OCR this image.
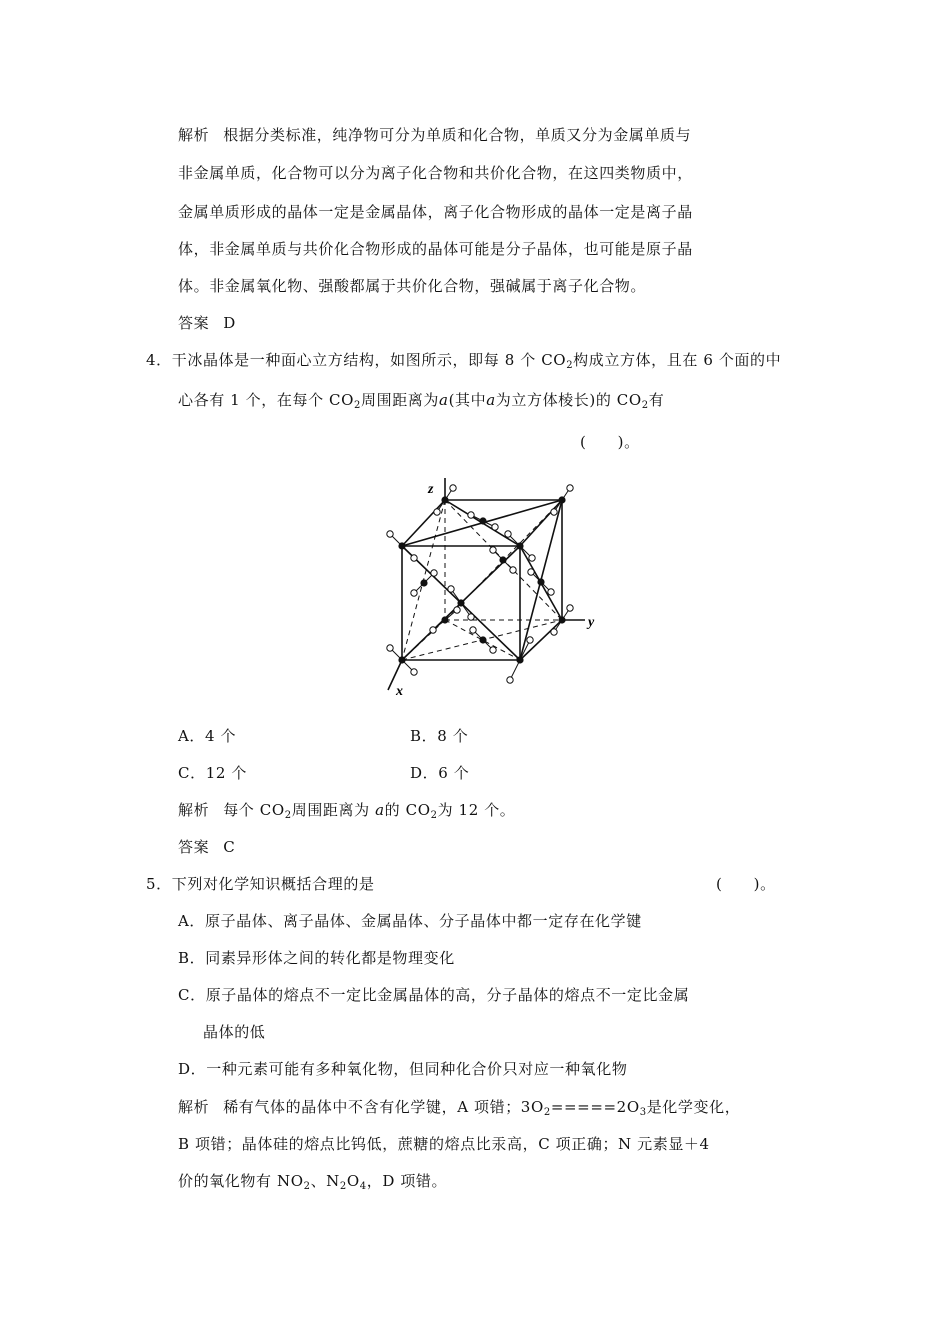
解析 根据分类标准，纯净物可分为单质和化合物，单质又分为金属单质与
非金属单质，化合物可以分为离子化合物和共价化合物，在这四类物质中，
金属单质形成的晶体一定是金属晶体，离子化合物形成的晶体一定是离子晶
体，非金属单质与共价化合物形成的晶体可能是分子晶体，也可能是原子晶
体。非金属氧化物、强酸都属于共价化合物，强碱属于离子化合物。
答案 D
4．干冰晶体是一种面心立方结构，如图所示，即每 8 个 $CO_2$构成立方体，且在 6 个面的中
心各有 1 个，在每个 $CO_2$周围距离为a(其中a为立方体棱长)的 $CO_2$有
(　　)。
z
y
x
A．4 个	B．8 个
C．12 个	D．6 个
解析 每个 $CO_2$周围距离为 a的 $CO_2$为 12 个。
答案 C
5．下列对化学知识概括合理的是	(　　)。
A．原子晶体、离子晶体、金属晶体、分子晶体中都一定存在化学键
B．同素异形体之间的转化都是物理变化
C．原子晶体的熔点不一定比金属晶体的高，分子晶体的熔点不一定比金属
晶体的低
D．一种元素可能有多种氧化物，但同种化合价只对应一种氧化物
解析 稀有气体的晶体中不含有化学键，A 项错；$3O_2=====2O_3$是化学变化，
B 项错；晶体硅的熔点比钨低，蔗糖的熔点比汞高，C 项正确；N 元素显＋4
价的氧化物有 $NO_2$、$N_2O_4$，D 项错。
